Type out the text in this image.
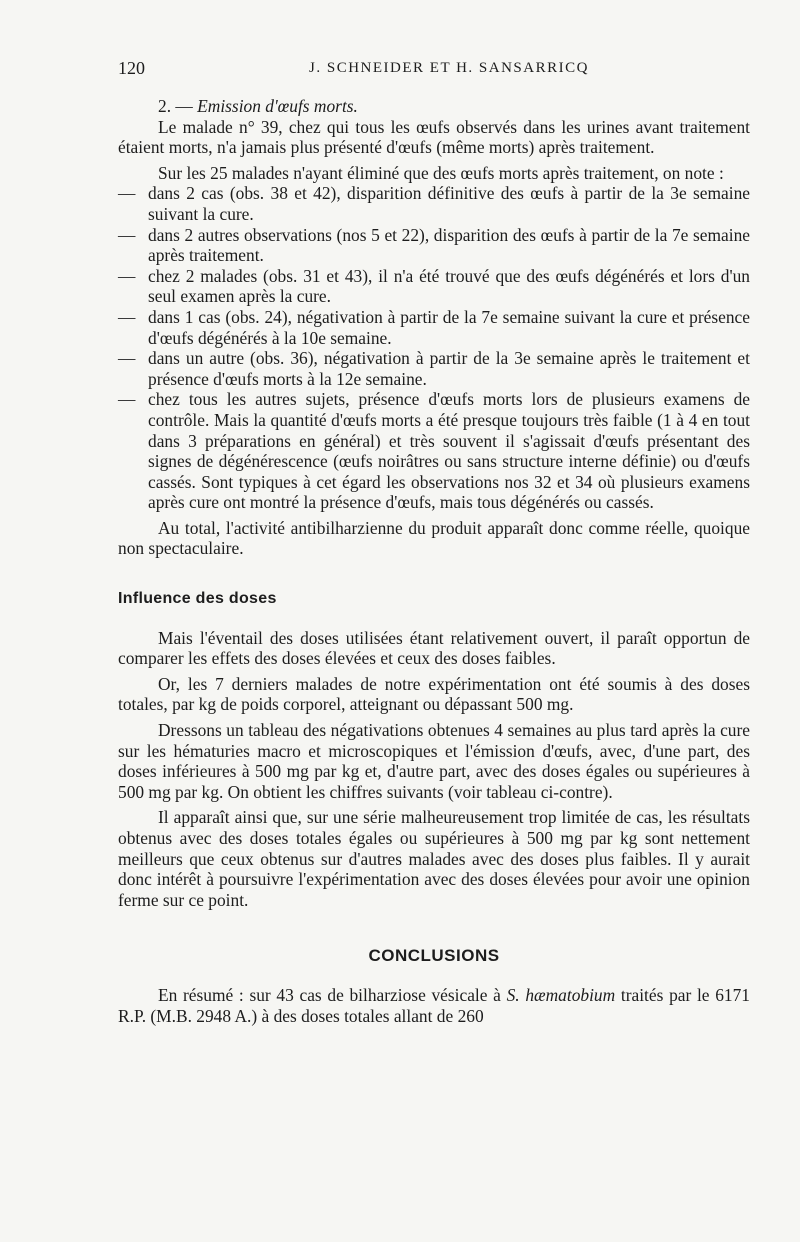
120	J. SCHNEIDER ET H. SANSARRICQ

2. — Emission d'œufs morts.

Le malade n° 39, chez qui tous les œufs observés dans les urines avant traitement étaient morts, n'a jamais plus présenté d'œufs (même morts) après traitement.

Sur les 25 malades n'ayant éliminé que des œufs morts après traitement, on note :

— dans 2 cas (obs. 38 et 42), disparition définitive des œufs à partir de la 3e semaine suivant la cure.

— dans 2 autres observations (nos 5 et 22), disparition des œufs à partir de la 7e semaine après traitement.

— chez 2 malades (obs. 31 et 43), il n'a été trouvé que des œufs dégénérés et lors d'un seul examen après la cure.

— dans 1 cas (obs. 24), négativation à partir de la 7e semaine suivant la cure et présence d'œufs dégénérés à la 10e semaine.

— dans un autre (obs. 36), négativation à partir de la 3e semaine après le traitement et présence d'œufs morts à la 12e semaine.

— chez tous les autres sujets, présence d'œufs morts lors de plusieurs examens de contrôle. Mais la quantité d'œufs morts a été presque toujours très faible (1 à 4 en tout dans 3 préparations en général) et très souvent il s'agissait d'œufs présentant des signes de dégénérescence (œufs noirâtres ou sans structure interne définie) ou d'œufs cassés. Sont typiques à cet égard les observations nos 32 et 34 où plusieurs examens après cure ont montré la présence d'œufs, mais tous dégénérés ou cassés.

Au total, l'activité antibilharzienne du produit apparaît donc comme réelle, quoique non spectaculaire.

Influence des doses

Mais l'éventail des doses utilisées étant relativement ouvert, il paraît opportun de comparer les effets des doses élevées et ceux des doses faibles.

Or, les 7 derniers malades de notre expérimentation ont été soumis à des doses totales, par kg de poids corporel, atteignant ou dépassant 500 mg.

Dressons un tableau des négativations obtenues 4 semaines au plus tard après la cure sur les hématuries macro et microscopiques et l'émission d'œufs, avec, d'une part, des doses inférieures à 500 mg par kg et, d'autre part, avec des doses égales ou supérieures à 500 mg par kg. On obtient les chiffres suivants (voir tableau ci-contre).

Il apparaît ainsi que, sur une série malheureusement trop limitée de cas, les résultats obtenus avec des doses totales égales ou supérieures à 500 mg par kg sont nettement meilleurs que ceux obtenus sur d'autres malades avec des doses plus faibles. Il y aurait donc intérêt à poursuivre l'expérimentation avec des doses élevées pour avoir une opinion ferme sur ce point.

CONCLUSIONS

En résumé : sur 43 cas de bilharziose vésicale à S. hæmatobium traités par le 6171 R.P. (M.B. 2948 A.) à des doses totales allant de 260
